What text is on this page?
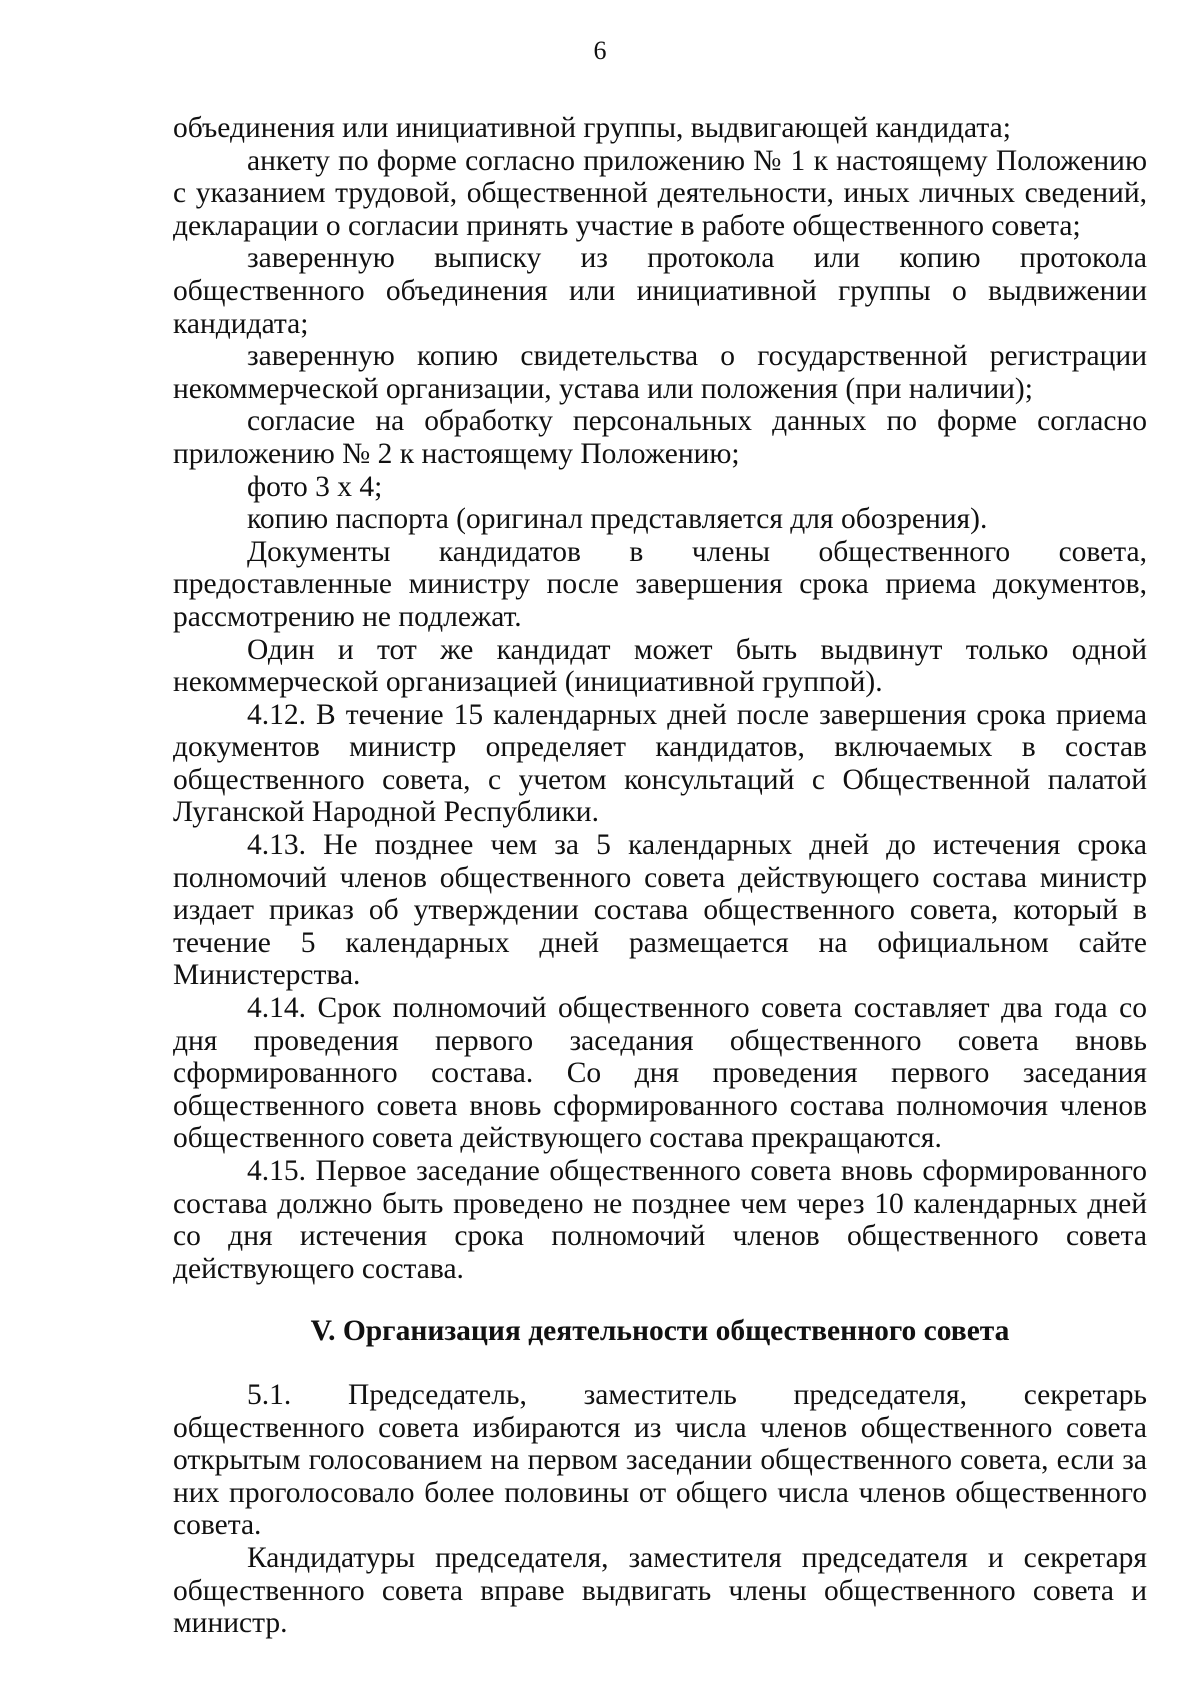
6

объединения или инициативной группы, выдвигающей кандидата;

анкету по форме согласно приложению № 1 к настоящему Положению с указанием трудовой, общественной деятельности, иных личных сведений, декларации о согласии принять участие в работе общественного совета;

заверенную выписку из протокола или копию протокола общественного объединения или инициативной группы о выдвижении кандидата;

заверенную копию свидетельства о государственной регистрации некоммерческой организации, устава или положения (при наличии);

согласие на обработку персональных данных по форме согласно приложению № 2 к настоящему Положению;

фото 3 х 4;

копию паспорта (оригинал представляется для обозрения).

Документы кандидатов в члены общественного совета, предоставленные министру после завершения срока приема документов, рассмотрению не подлежат.

Один и тот же кандидат может быть выдвинут только одной некоммерческой организацией (инициативной группой).

4.12. В течение 15 календарных дней после завершения срока приема документов министр определяет кандидатов, включаемых в состав общественного совета, с учетом консультаций с Общественной палатой Луганской Народной Республики.

4.13. Не позднее чем за 5 календарных дней до истечения срока полномочий членов общественного совета действующего состава министр издает приказ об утверждении состава общественного совета, который в течение 5 календарных дней размещается на официальном сайте Министерства.

4.14. Срок полномочий общественного совета составляет два года со дня проведения первого заседания общественного совета вновь сформированного состава. Со дня проведения первого заседания общественного совета вновь сформированного состава полномочия членов общественного совета действующего состава прекращаются.

4.15. Первое заседание общественного совета вновь сформированного состава должно быть проведено не позднее чем через 10 календарных дней со дня истечения срока полномочий членов общественного совета действующего состава.

V. Организация деятельности общественного совета

5.1. Председатель, заместитель председателя, секретарь общественного совета избираются из числа членов общественного совета открытым голосованием на первом заседании общественного совета, если за них проголосовало более половины от общего числа членов общественного совета.

Кандидатуры председателя, заместителя председателя и секретаря общественного совета вправе выдвигать члены общественного совета и министр.
